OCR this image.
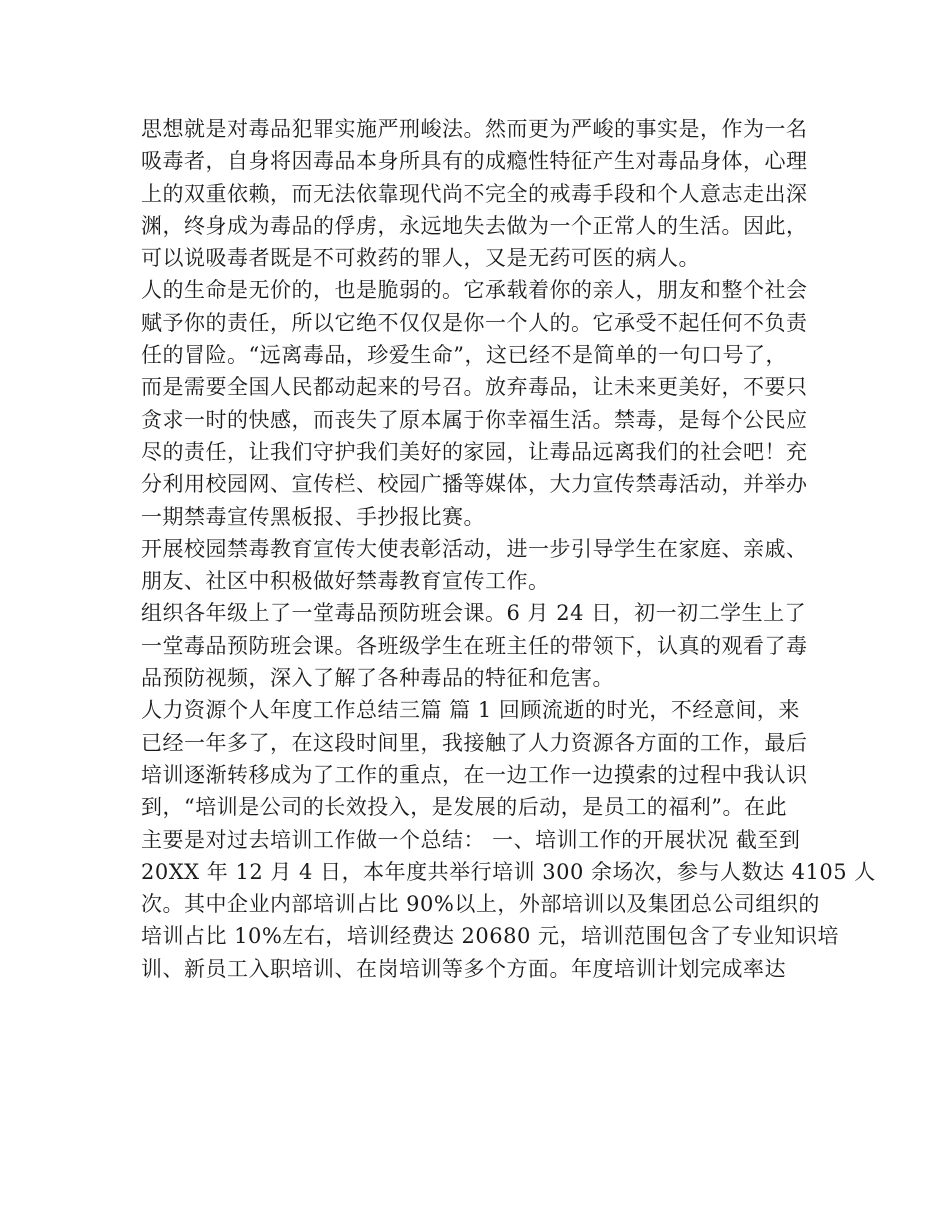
思想就是对毒品犯罪实施严刑峻法。然而更为严峻的事实是，作为一名
吸毒者，自身将因毒品本身所具有的成瘾性特征产生对毒品身体，心理
上的双重依赖，而无法依靠现代尚不完全的戒毒手段和个人意志走出深
渊，终身成为毒品的俘虏，永远地失去做为一个正常人的生活。因此，
可以说吸毒者既是不可救药的罪人，又是无药可医的病人。
人的生命是无价的，也是脆弱的。它承载着你的亲人，朋友和整个社会
赋予你的责任，所以它绝不仅仅是你一个人的。它承受不起任何不负责
任的冒险。“远离毒品，珍爱生命”，这已经不是简单的一句口号了，
而是需要全国人民都动起来的号召。放弃毒品，让未来更美好，不要只
贪求一时的快感，而丧失了原本属于你幸福生活。禁毒，是每个公民应
尽的责任，让我们守护我们美好的家园，让毒品远离我们的社会吧！充
分利用校园网、宣传栏、校园广播等媒体，大力宣传禁毒活动，并举办
一期禁毒宣传黑板报、手抄报比赛。
开展校园禁毒教育宣传大使表彰活动，进一步引导学生在家庭、亲戚、
朋友、社区中积极做好禁毒教育宣传工作。
组织各年级上了一堂毒品预防班会课。6 月 24 日，初一初二学生上了
一堂毒品预防班会课。各班级学生在班主任的带领下，认真的观看了毒
品预防视频，深入了解了各种毒品的特征和危害。
人力资源个人年度工作总结三篇 篇 1 回顾流逝的时光，不经意间，来
已经一年多了，在这段时间里，我接触了人力资源各方面的工作，最后
培训逐渐转移成为了工作的重点，在一边工作一边摸索的过程中我认识
到，“培训是公司的长效投入，是发展的后动，是员工的福利”。在此
主要是对过去培训工作做一个总结： 一、培训工作的开展状况 截至到
20XX 年 12 月 4 日，本年度共举行培训 300 余场次，参与人数达 4105 人
次。其中企业内部培训占比 90%以上，外部培训以及集团总公司组织的
培训占比 10%左右，培训经费达 20680 元，培训范围包含了专业知识培
训、新员工入职培训、在岗培训等多个方面。年度培训计划完成率达
